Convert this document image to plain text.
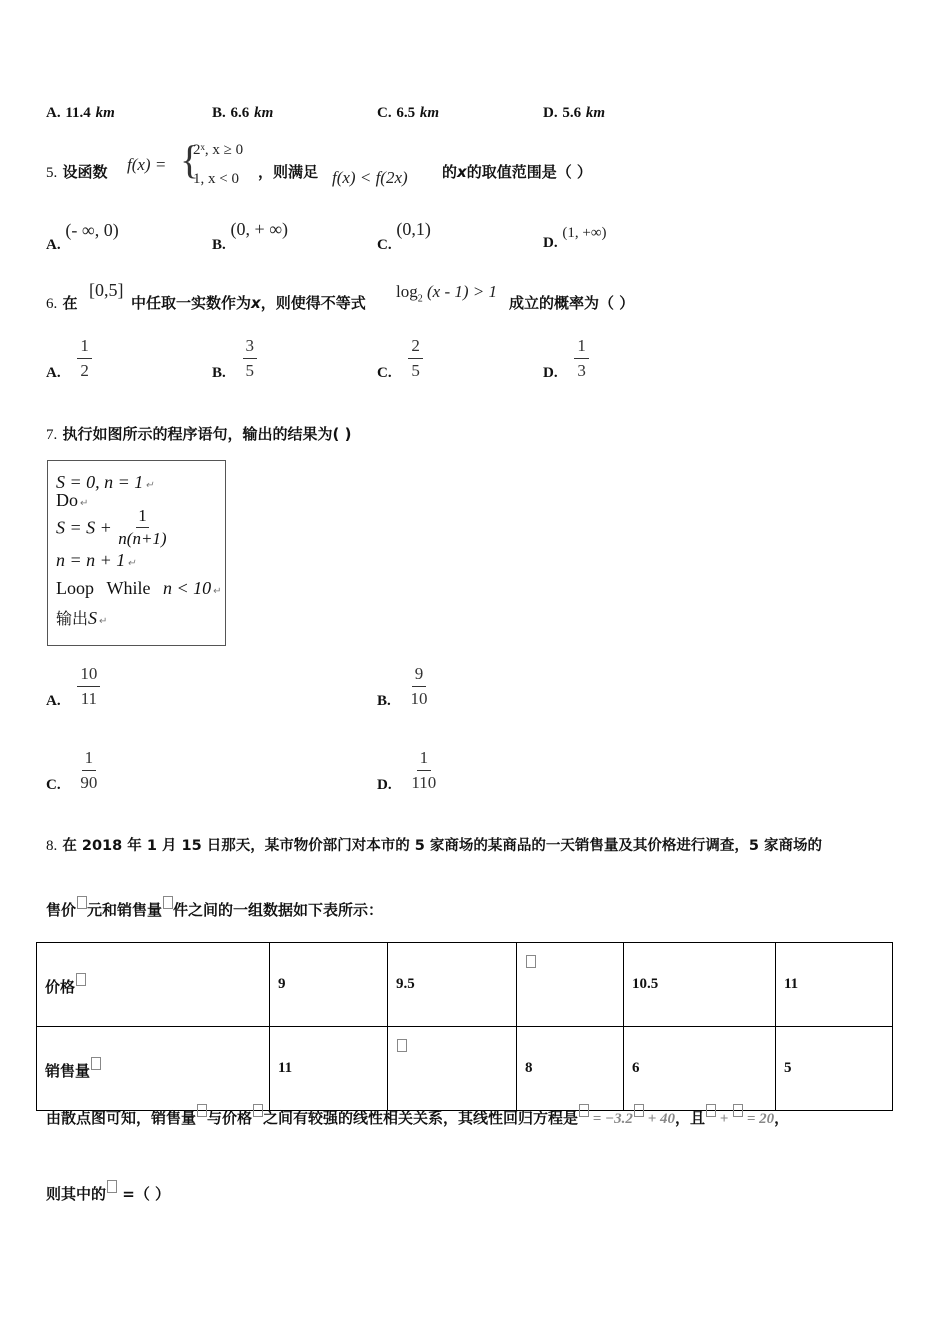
A. 11.4 km	B. 6.6 km	C. 6.5 km	D. 5.6 km
5. 设函数 f(x) = {
2ˣ, x ≥ 0
1, x < 0 ，则满足 f(x) < f(2x) 的x的取值范围是（ ）
A. (- ∞, 0)
B. (0, + ∞)
C. (0,1)
D. (1, +∞)
6. 在
[0,5]
中任取一实数作为x，则使得不等式
$\log_2 (x - 1) > 1$
成立的概率为（ ）
A. $\frac{1}{2}$	B. $\frac{3}{5}$	C. $\frac{2}{5}$	D. $\frac{1}{3}$
7. 执行如图所示的程序语句，输出的结果为( )
S = 0, n = 1 ↵
Do ↵
$S = S + \frac{1}{n(n+1)}$
n = n + 1 ↵
Loop While n < 10 ↵
输出S ↵
A. $\frac{10}{11}$	B. $\frac{9}{10}$
C. $\frac{1}{90}$	D. $\frac{1}{110}$
8. 在 2018 年 1 月 15 日那天，某市物价部门对本市的 5 家商场的某商品的一天销售量及其价格进行调查，5 家商场的
售价 元和销售量 件之间的一组数据如下表所示：
价格	9	9.5		10.5	11
销售量	11		8	6	5
由散点图可知，销售量 与价格 之间有较强的线性相关关系，其线性回归方程是 = −3.2 + 40，且 + = 20，
则其中的 =（ ）
